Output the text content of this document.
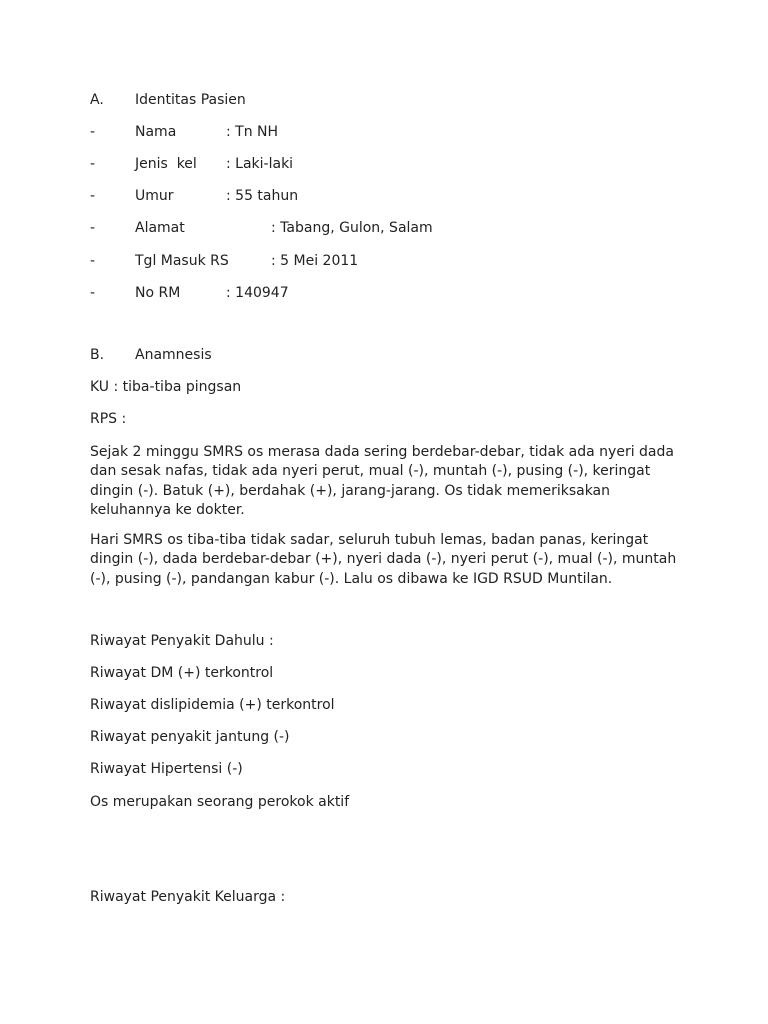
A. Identitas Pasien
-	Nama	: Tn NH
-	Jenis  kel : Laki-laki
-	Umur	: 55 tahun
-	Alamat	: Tabang, Gulon, Salam
-	Tgl Masuk RS	: 5 Mei 2011
-	No RM	: 140947
B. Anamnesis
KU : tiba-tiba pingsan
RPS :
Sejak 2 minggu SMRS os merasa dada sering berdebar-debar, tidak ada nyeri dada dan sesak nafas, tidak ada nyeri perut, mual (-), muntah (-), pusing (-), keringat dingin (-). Batuk (+), berdahak (+), jarang-jarang. Os tidak memeriksakan keluhannya ke dokter.
Hari SMRS os tiba-tiba tidak sadar, seluruh tubuh lemas, badan panas, keringat dingin (-), dada berdebar-debar (+), nyeri dada (-), nyeri perut (-), mual (-), muntah (-), pusing (-), pandangan kabur (-). Lalu os dibawa ke IGD RSUD Muntilan.
Riwayat Penyakit Dahulu :
Riwayat DM (+) terkontrol
Riwayat dislipidemia (+) terkontrol
Riwayat penyakit jantung (-)
Riwayat Hipertensi (-)
Os merupakan seorang perokok aktif
Riwayat Penyakit Keluarga :
